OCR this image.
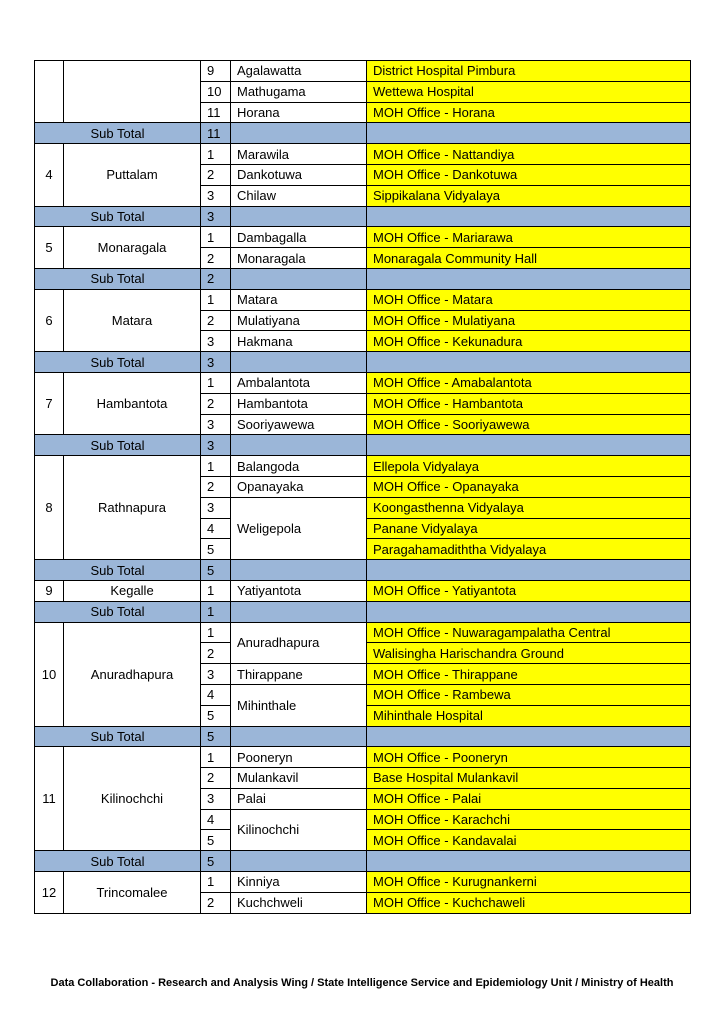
		9	Agalawatta	District Hospital Pimbura
		10	Mathugama	Wettewa Hospital
		11	Horana	MOH Office - Horana
Sub Total		11		
4	Puttalam	1	Marawila	MOH Office - Nattandiya
		2	Dankotuwa	MOH Office - Dankotuwa
		3	Chilaw	Sippikalana Vidyalaya
Sub Total		3		
5	Monaragala	1	Dambagalla	MOH Office - Mariarawa
		2	Monaragala	Monaragala Community Hall
Sub Total		2		
6	Matara	1	Matara	MOH Office - Matara
		2	Mulatiyana	MOH Office - Mulatiyana
		3	Hakmana	MOH Office - Kekunadura
Sub Total		3		
7	Hambantota	1	Ambalantota	MOH Office - Amabalantota
		2	Hambantota	MOH Office - Hambantota
		3	Sooriyawewa	MOH Office - Sooriyawewa
Sub Total		3		
8	Rathnapura	1	Balangoda	Ellepola Vidyalaya
		2	Opanayaka	MOH Office - Opanayaka
		3	Weligepola	Koongasthenna Vidyalaya
		4		Panane Vidyalaya
		5		Paragahamadiththa Vidyalaya
Sub Total		5		
9	Kegalle	1	Yatiyantota	MOH Office - Yatiyantota
Sub Total		1		
10	Anuradhapura	1	Anuradhapura	MOH Office - Nuwaragampalatha Central
		2		Walisingha Harischandra Ground
		3	Thirappane	MOH Office - Thirappane
		4	Mihinthale	MOH Office - Rambewa
		5		Mihinthale Hospital
Sub Total		5		
11	Kilinochchi	1	Pooneryn	MOH Office - Pooneryn
		2	Mulankavil	Base Hospital Mulankavil
		3	Palai	MOH Office - Palai
		4	Kilinochchi	MOH Office - Karachchi
		5		MOH Office - Kandavalai
Sub Total		5		
12	Trincomalee	1	Kinniya	MOH Office - Kurugnankerni
		2	Kuchchweli	MOH Office - Kuchchaweli
Data Collaboration - Research and Analysis Wing / State Intelligence Service and Epidemiology Unit / Ministry of Health
